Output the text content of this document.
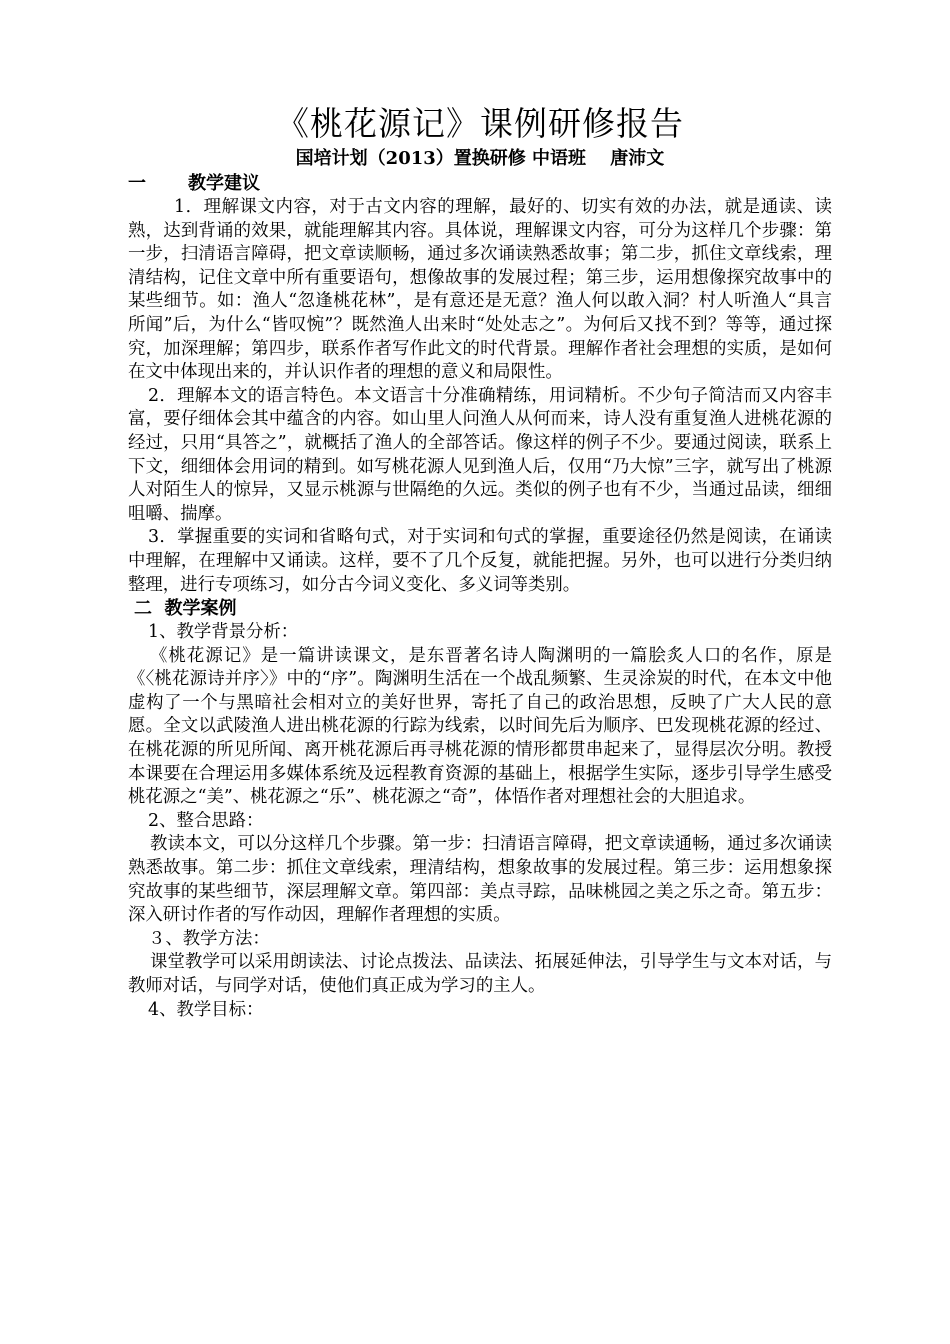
《桃花源记》课例研修报告

国培计划（2013）置换研修 中语班　 唐沛文

一 教学建议

1．理解课文内容，对于古文内容的理解，最好的、切实有效的办法，就是通读、读熟，达到背诵的效果，就能理解其内容。具体说，理解课文内容，可分为这样几个步骤：第一步，扫清语言障碍，把文章读顺畅，通过多次诵读熟悉故事；第二步，抓住文章线索，理清结构，记住文章中所有重要语句，想像故事的发展过程；第三步，运用想像探究故事中的某些细节。如：渔人“忽逢桃花林”，是有意还是无意？渔人何以敢入洞？村人听渔人“具言所闻”后，为什么“皆叹惋”？既然渔人出来时“处处志之”。为何后又找不到？等等，通过探究，加深理解；第四步，联系作者写作此文的时代背景。理解作者社会理想的实质，是如何在文中体现出来的，并认识作者的理想的意义和局限性。

2．理解本文的语言特色。本文语言十分准确精练，用词精析。不少句子简洁而又内容丰富，要仔细体会其中蕴含的内容。如山里人问渔人从何而来，诗人没有重复渔人进桃花源的经过，只用“具答之”，就概括了渔人的全部答话。像这样的例子不少。要通过阅读，联系上下文，细细体会用词的精到。如写桃花源人见到渔人后，仅用“乃大惊”三字，就写出了桃源人对陌生人的惊异，又显示桃源与世隔绝的久远。类似的例子也有不少，当通过品读，细细咀嚼、揣摩。

3．掌握重要的实词和省略句式，对于实词和句式的掌握，重要途径仍然是阅读，在诵读中理解，在理解中又诵读。这样，要不了几个反复，就能把握。另外，也可以进行分类归纳整理，进行专项练习，如分古今词义变化、多义词等类别。

二 教学案例

1、教学背景分析：

《桃花源记》是一篇讲读课文，是东晋著名诗人陶渊明的一篇脍炙人口的名作，原是《〈桃花源诗并序〉》中的“序”。陶渊明生活在一个战乱频繁、生灵涂炭的时代，在本文中他虚构了一个与黑暗社会相对立的美好世界，寄托了自己的政治思想，反映了广大人民的意愿。全文以武陵渔人进出桃花源的行踪为线索，以时间先后为顺序、巴发现桃花源的经过、在桃花源的所见所闻、离开桃花源后再寻桃花源的情形都贯串起来了，显得层次分明。教授本课要在合理运用多媒体系统及远程教育资源的基础上，根据学生实际，逐步引导学生感受桃花源之“美”、桃花源之“乐”、桃花源之“奇”，体悟作者对理想社会的大胆追求。

2、整合思路：

教读本文，可以分这样几个步骤。第一步：扫清语言障碍，把文章读通畅，通过多次诵读熟悉故事。第二步：抓住文章线索，理清结构，想象故事的发展过程。第三步：运用想象探究故事的某些细节，深层理解文章。第四部：美点寻踪，品味桃园之美之乐之奇。第五步：深入研讨作者的写作动因，理解作者理想的实质。

３、教学方法：

课堂教学可以采用朗读法、讨论点拨法、品读法、拓展延伸法，引导学生与文本对话，与教师对话，与同学对话，使他们真正成为学习的主人。

4、教学目标：
